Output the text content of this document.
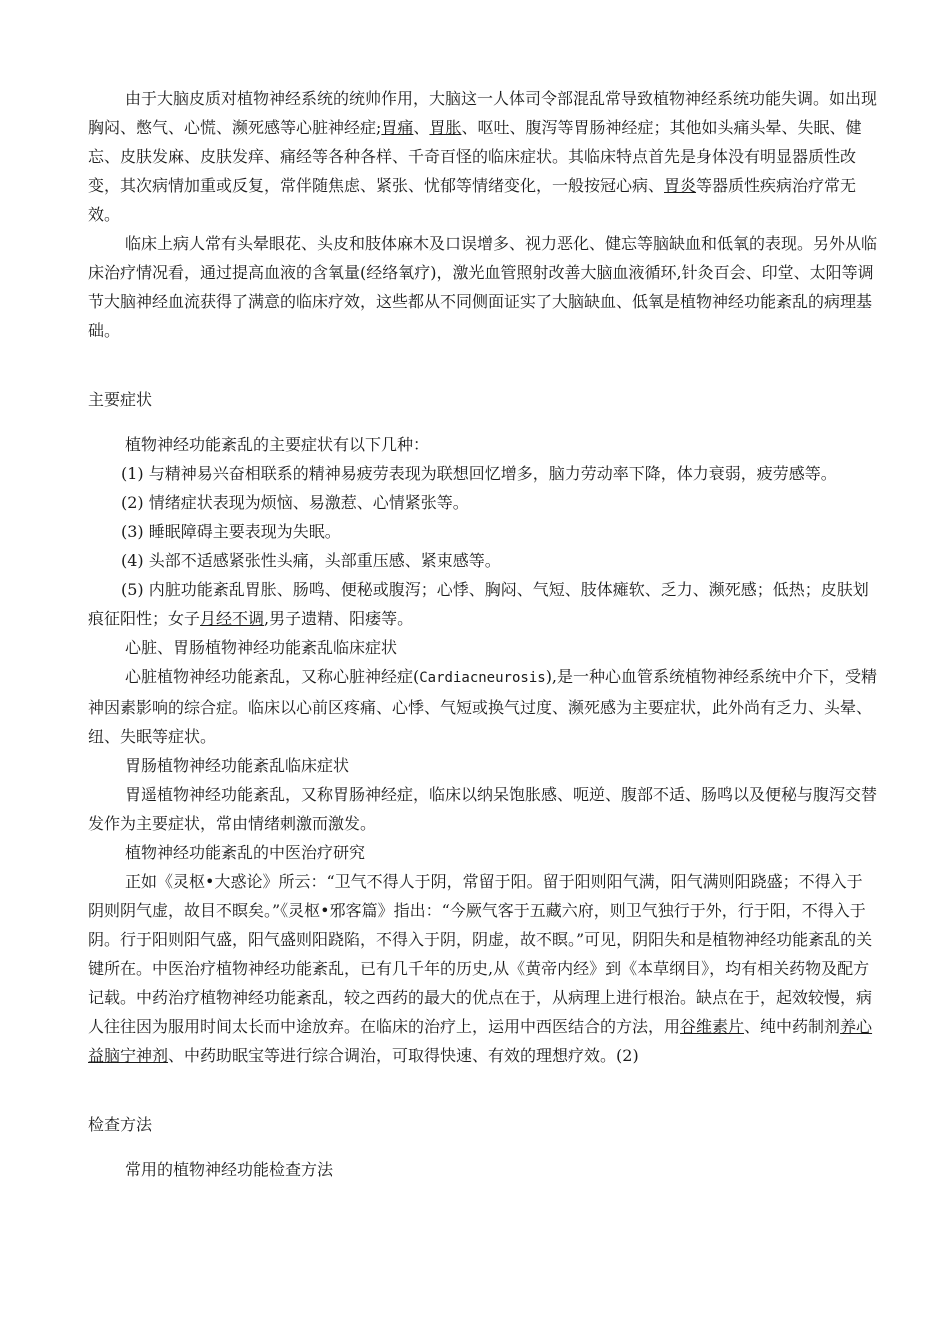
由于大脑皮质对植物神经系统的统帅作用，大脑这一人体司令部混乱常导致植物神经系统功能失调。如出现胸闷、憋气、心慌、濒死感等心脏神经症;胃痛、胃胀、呕吐、腹泻等胃肠神经症；其他如头痛头晕、失眠、健忘、皮肤发麻、皮肤发痒、痛经等各种各样、千奇百怪的临床症状。其临床特点首先是身体没有明显器质性改变，其次病情加重或反复，常伴随焦虑、紧张、忧郁等情绪变化，一般按冠心病、胃炎等器质性疾病治疗常无效。

临床上病人常有头晕眼花、头皮和肢体麻木及口误增多、视力恶化、健忘等脑缺血和低氧的表现。另外从临床治疗情况看，通过提高血液的含氧量(经络氧疗)，激光血管照射改善大脑血液循环,针灸百会、印堂、太阳等调节大脑神经血流获得了满意的临床疗效，这些都从不同侧面证实了大脑缺血、低氧是植物神经功能紊乱的病理基础。

主要症状

植物神经功能紊乱的主要症状有以下几种：

(1) 与精神易兴奋相联系的精神易疲劳表现为联想回忆增多，脑力劳动率下降，体力衰弱，疲劳感等。

(2) 情绪症状表现为烦恼、易激惹、心情紧张等。

(3) 睡眠障碍主要表现为失眠。

(4) 头部不适感紧张性头痛，头部重压感、紧束感等。

(5) 内脏功能紊乱胃胀、肠鸣、便秘或腹泻；心悸、胸闷、气短、肢体瘫软、乏力、濒死感；低热；皮肤划痕征阳性；女子月经不调,男子遗精、阳痿等。

心脏、胃肠植物神经功能紊乱临床症状

心脏植物神经功能紊乱，又称心脏神经症(Cardiacneurosis),是一种心血管系统植物神经系统中介下，受精神因素影响的综合症。临床以心前区疼痛、心悸、气短或换气过度、濒死感为主要症状，此外尚有乏力、头晕、纽、失眠等症状。

胃肠植物神经功能紊乱临床症状

胃遥植物神经功能紊乱，又称胃肠神经症，临床以纳呆饱胀感、呃逆、腹部不适、肠鸣以及便秘与腹泻交替发作为主要症状，常由情绪刺激而激发。

植物神经功能紊乱的中医治疗研究

正如《灵枢•大惑论》所云：“卫气不得人于阴，常留于阳。留于阳则阳气满，阳气满则阳跷盛；不得入于阴则阴气虚，故目不瞑矣。”《灵枢•邪客篇》指出：“今厥气客于五藏六府，则卫气独行于外，行于阳，不得入于阴。行于阳则阳气盛，阳气盛则阳跷陷，不得入于阴，阴虚，故不瞑。”可见，阴阳失和是植物神经功能紊乱的关键所在。中医治疗植物神经功能紊乱，已有几千年的历史,从《黄帝内经》到《本草纲目》，均有相关药物及配方记载。中药治疗植物神经功能紊乱，较之西药的最大的优点在于，从病理上进行根治。缺点在于，起效较慢，病人往往因为服用时间太长而中途放弃。在临床的治疗上，运用中西医结合的方法，用谷维素片、纯中药制剂养心益脑宁神剂、中药助眠宝等进行综合调治，可取得快速、有效的理想疗效。(2)

检查方法

常用的植物神经功能检查方法
